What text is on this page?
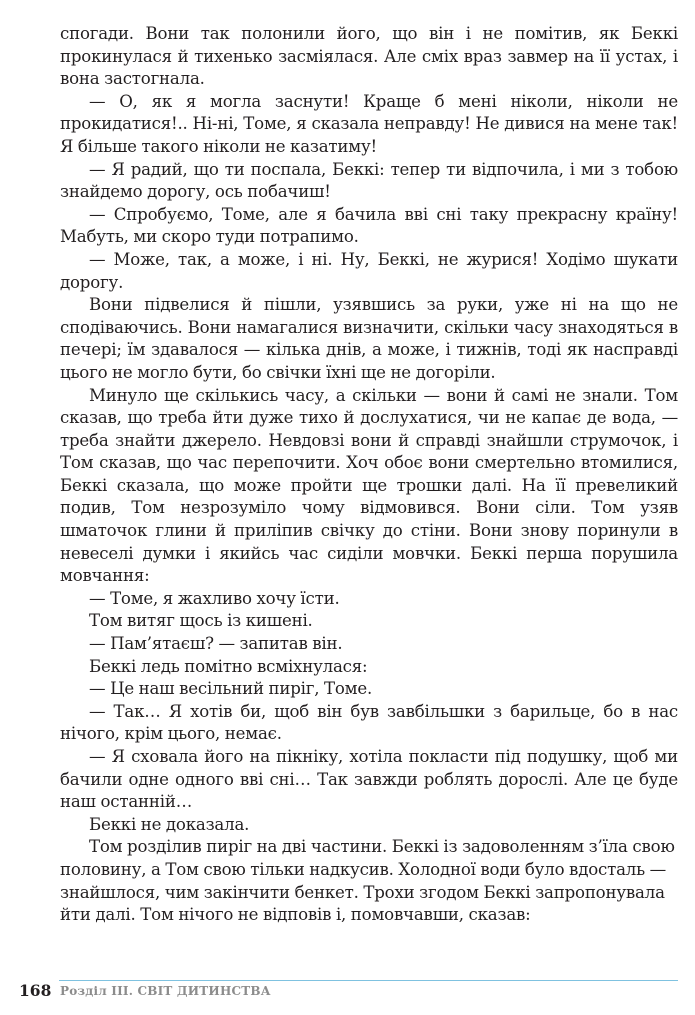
спогади. Вони так полонили його, що він і не помітив, як Беккі прокинулася й тихенько засміялася. Але сміх враз завмер на її устах, і вона застогнала.

— О, як я могла заснути! Краще б мені ніколи, ніколи не прокидатися!.. Ні-ні, Томе, я сказала неправду! Не дивися на мене так! Я більше такого ніколи не казатиму!

— Я радий, що ти поспала, Беккі: тепер ти відпочила, і ми з тобою знайдемо дорогу, ось побачиш!

— Спробуємо, Томе, але я бачила вві сні таку прекрасну країну! Мабуть, ми скоро туди потрапимо.

— Може, так, а може, і ні. Ну, Беккі, не журися! Ходімо шукати дорогу.

Вони підвелися й пішли, узявшись за руки, уже ні на що не сподіваючись. Вони намагалися визначити, скільки часу знаходяться в печері; їм здавалося — кілька днів, а може, і тижнів, тоді як насправді цього не могло бути, бо свічки їхні ще не догоріли.

Минуло ще скількись часу, а скільки — вони й самі не знали. Том сказав, що треба йти дуже тихо й дослухатися, чи не капає де вода, — треба знайти джерело. Невдовзі вони й справді знайшли струмочок, і Том сказав, що час перепочити. Хоч обоє вони смертельно втомилися, Беккі сказала, що може пройти ще трошки далі. На її превеликий подив, Том незрозуміло чому відмовився. Вони сіли. Том узяв шматочок глини й приліпив свічку до стіни. Вони знову поринули в невеселі думки і якийсь час сиділи мовчки. Беккі перша порушила мовчання:

— Томе, я жахливо хочу їсти.

Том витяг щось із кишені.

— Пам’ятаєш? — запитав він.

Беккі ледь помітно всміхнулася:

— Це наш весільний пиріг, Томе.

— Так… Я хотів би, щоб він був завбільшки з барильце, бо в нас нічого, крім цього, немає.

— Я сховала його на пікніку, хотіла покласти під подушку, щоб ми бачили одне одного вві сні… Так завжди роблять дорослі. Але це буде наш останній…

Беккі не доказала.

Том розділив пиріг на дві частини. Беккі із задоволенням з’їла свою половину, а Том свою тільки надкусив. Холодної води було вдосталь — знайшлося, чим закінчити бенкет. Трохи згодом Беккі запропонувала йти далі. Том нічого не відповів і, помовчавши, сказав:

168 Розділ ІІІ. СВІТ ДИТИНСТВА
